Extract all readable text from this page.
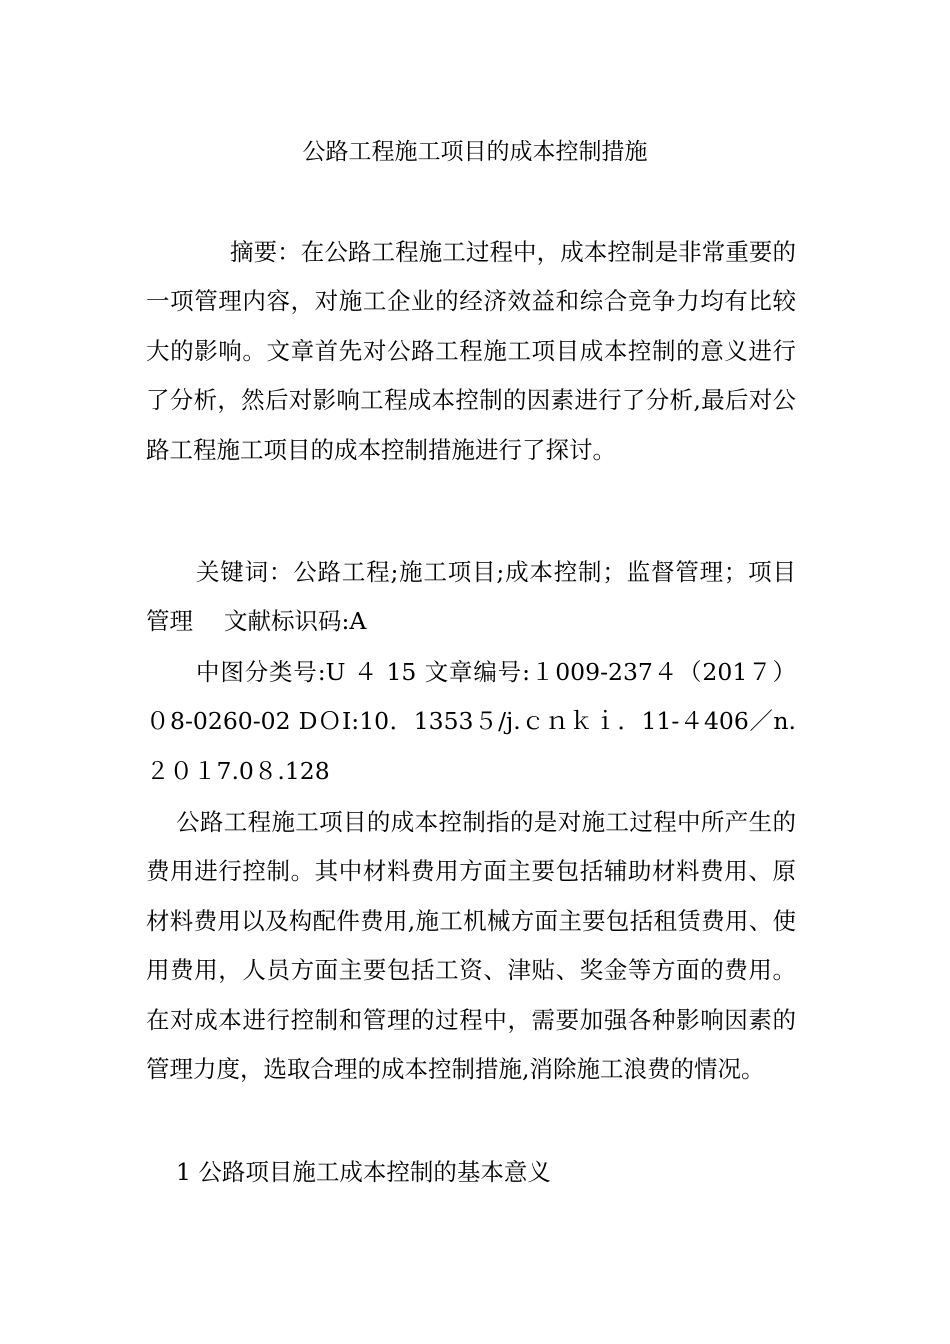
公路工程施工项目的成本控制措施

摘要：在公路工程施工过程中，成本控制是非常重要的一项管理内容，对施工企业的经济效益和综合竞争力均有比较大的影响。文章首先对公路工程施工项目成本控制的意义进行了分析，然后对影响工程成本控制的因素进行了分析,最后对公路工程施工项目的成本控制措施进行了探讨。

关键词：公路工程;施工项目;成本控制；监督管理；项目管理　 文献标识码:A

中图分类号:U ４ 15 文章编号:１009-237４（201７）０8-0260-02 DＯI:10．1353５/j.ｃｎｋｉ．11-４406／n.２０１7.0８.128

公路工程施工项目的成本控制指的是对施工过程中所产生的费用进行控制。其中材料费用方面主要包括辅助材料费用、原材料费用以及构配件费用,施工机械方面主要包括租赁费用、使用费用，人员方面主要包括工资、津贴、奖金等方面的费用。在对成本进行控制和管理的过程中，需要加强各种影响因素的管理力度，选取合理的成本控制措施,消除施工浪费的情况。

1 公路项目施工成本控制的基本意义
